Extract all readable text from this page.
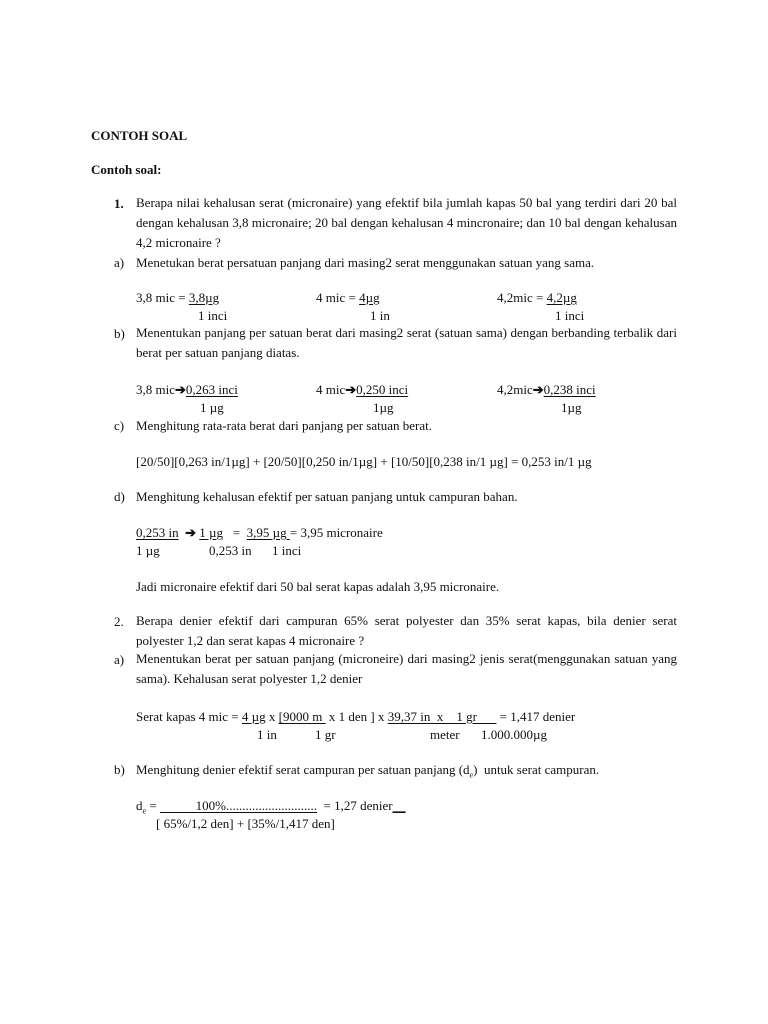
CONTOH SOAL
Contoh soal:
1. Berapa nilai kehalusan serat (micronaire) yang efektif bila jumlah kapas 50 bal yang terdiri dari 20 bal dengan kehalusan 3,8 micronaire; 20 bal dengan kehalusan 4 mincronaire; dan 10 bal dengan kehalusan 4,2 micronaire ?
a) Menetukan berat persatuan panjang dari masing2 serat menggunakan satuan yang sama.
3,8 mic = 3,8µg
1 inci
4 mic = 4µg
1 in
4,2mic = 4,2µg
1 inci
b) Menentukan panjang per satuan berat dari masing2 serat (satuan sama) dengan berbanding terbalik dari berat per satuan panjang diatas.
3,8 mic➔0,263 inci
1 µg
4 mic➔0,250 inci
1µg
4,2mic➔0,238 inci
1µg
c) Menghitung rata-rata berat dari panjang per satuan berat.
[20/50][0,263 in/1µg] + [20/50][0,250 in/1µg] + [10/50][0,238 in/1 µg] = 0,253 in/1 µg
d) Menghitung kehalusan efektif per satuan panjang untuk campuran bahan.
0,253 in ➔ 1 µg = 3,95 µg = 3,95 micronaire
1 µg	0,253 in 1 inci
Jadi micronaire efektif dari 50 bal serat kapas adalah 3,95 micronaire.
2. Berapa denier efektif dari campuran 65% serat polyester dan 35% serat kapas, bila denier serat polyester 1,2 dan serat kapas 4 micronaire ?
a) Menentukan berat per satuan panjang (microneire) dari masing2 jenis serat(menggunakan satuan yang sama). Kehalusan serat polyester 1,2 denier
Serat kapas 4 mic = 4 µg x [9000 m  x 1 den ] x 39,37 in  x    1 gr       = 1,417 denier
1 in	1 gr	meter 1.000.000µg
b) Menghitung denier efektif serat campuran per satuan panjang $(d_e)$  untuk serat campuran.
$d_e$ =            100%............................  = 1,27 denier__
[ 65%/1,2 den] + [35%/1,417 den]
